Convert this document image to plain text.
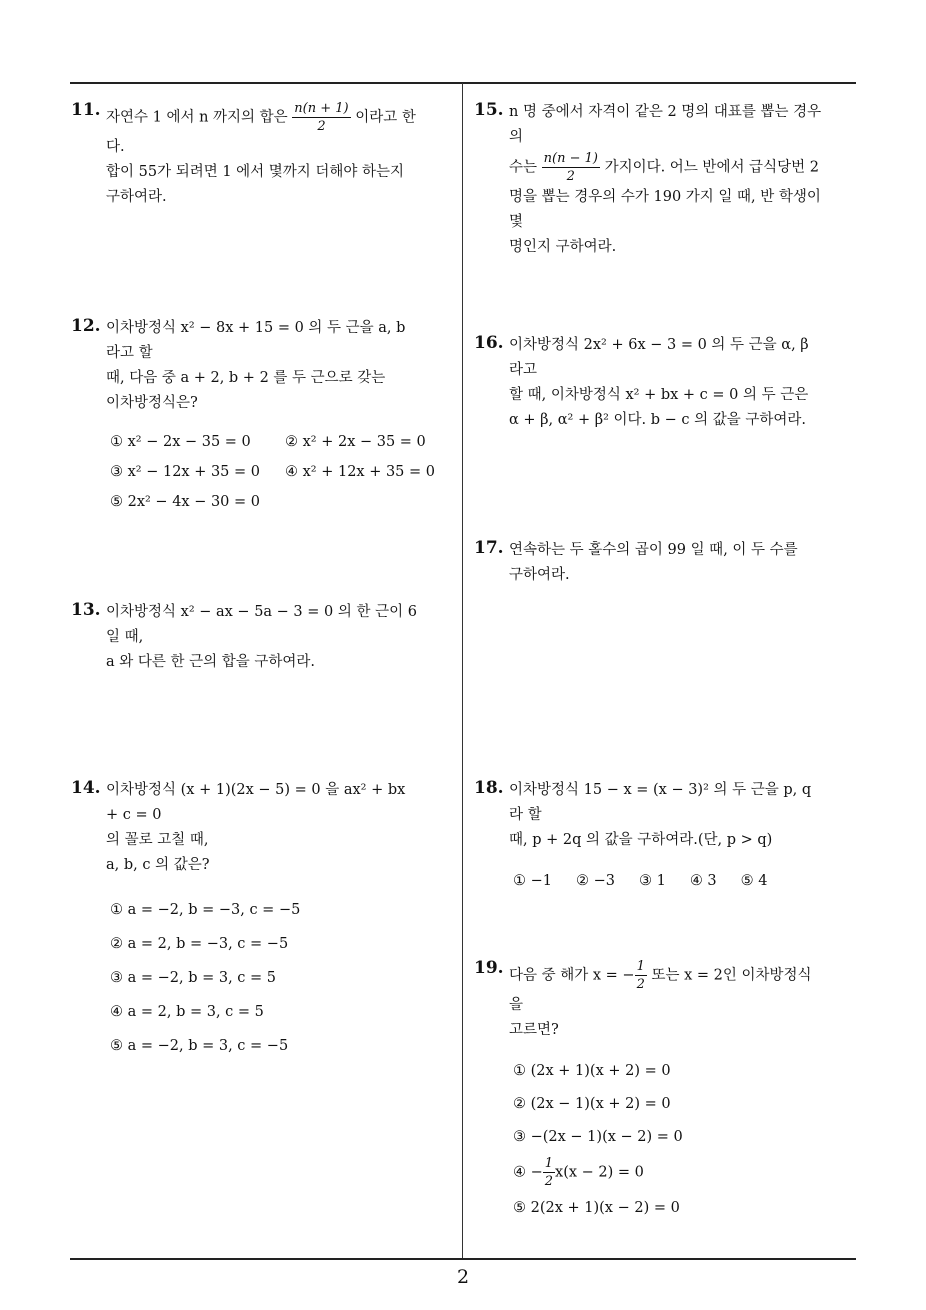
11. 자연수 1 에서 n 까지의 합은 $\frac{n(n + 1)}{2}$ 이라고 한다.

합이 55가 되려면 1 에서 몇까지 더해야 하는지

구하여라.

12. 이차방정식 x² − 8x + 15 = 0 의 두 근을 a, b 라고 할

때, 다음 중 a + 2, b + 2 를 두 근으로 갖는

이차방정식은?

① x² − 2x − 35 = 0	② x² + 2x − 35 = 0
③ x² − 12x + 35 = 0	④ x² + 12x + 35 = 0
⑤ 2x² − 4x − 30 = 0
13. 이차방정식 x² − ax − 5a − 3 = 0 의 한 근이 6 일 때,

a 와 다른 한 근의 합을 구하여라.

14. 이차방정식 (x + 1)(2x − 5) = 0 을 ax² + bx + c = 0

의 꼴로 고칠 때,

a, b, c 의 값은?

① a = −2, b = −3, c = −5
② a = 2, b = −3, c = −5
③ a = −2, b = 3, c = 5
④ a = 2, b = 3, c = 5
⑤ a = −2, b = 3, c = −5
15. n 명 중에서 자격이 같은 2 명의 대표를 뽑는 경우의

수는 $\frac{n(n - 1)}{2}$ 가지이다. 어느 반에서 급식당번 2

명을 뽑는 경우의 수가 190 가지 일 때, 반 학생이 몇

명인지 구하여라.

16. 이차방정식 2x² + 6x − 3 = 0 의 두 근을 α, β 라고

할 때, 이차방정식 x² + bx + c = 0 의 두 근은

α + β, α² + β² 이다. b − c 의 값을 구하여라.

17. 연속하는 두 홀수의 곱이 99 일 때, 이 두 수를

구하여라.

18. 이차방정식 15 − x = (x − 3)² 의 두 근을 p, q 라 할

때, p + 2q 의 값을 구하여라.(단, p > q)

① −1 ② −3 ③ 1 ④ 3 ⑤ 4
19. 다음 중 해가 x = − $\frac{1}{2}$ 또는 x = 2인 이차방정식을

고르면?

① (2x + 1)(x + 2) = 0
② (2x − 1)(x + 2) = 0
③ −(2x − 1)(x − 2) = 0
④ − $\frac{1}{2} x(x - 2) = 0$
⑤ 2(2x + 1)(x − 2) = 0
2
